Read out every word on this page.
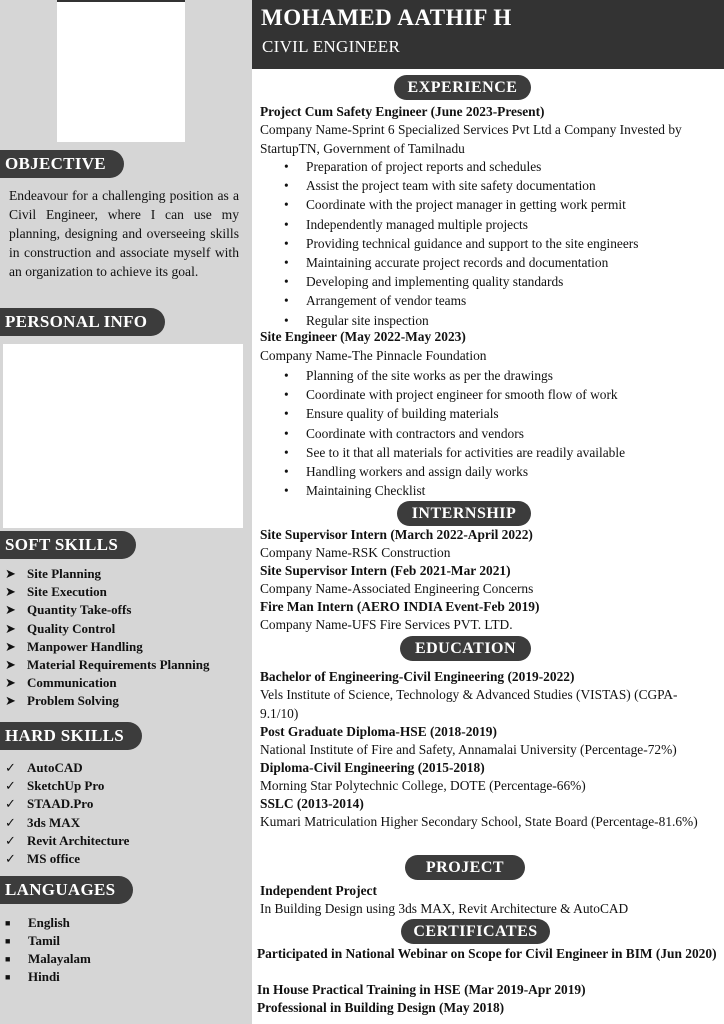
OBJECTIVE
Endeavour for a challenging position as a Civil Engineer, where I can use my planning, designing and overseeing skills in construction and associate myself with an organization to achieve its goal.
PERSONAL INFO
SOFT SKILLS
➤ Site Planning
➤ Site Execution
➤ Quantity Take-offs
➤ Quality Control
➤ Manpower Handling
➤ Material Requirements Planning
➤ Communication
➤ Problem Solving
HARD SKILLS
✓ AutoCAD
✓ SketchUp Pro
✓ STAAD.Pro
✓ 3ds MAX
✓ Revit Architecture
✓ MS office
LANGUAGES
■ English
■ Tamil
■ Malayalam
■ Hindi
MOHAMED AATHIF H
CIVIL ENGINEER
EXPERIENCE
Project Cum Safety Engineer (June 2023-Present)
Company Name-Sprint 6 Specialized Services Pvt Ltd a Company Invested by StartupTN, Government of Tamilnadu
• Preparation of project reports and schedules
• Assist the project team with site safety documentation
• Coordinate with the project manager in getting work permit
• Independently managed multiple projects
• Providing technical guidance and support to the site engineers
• Maintaining accurate project records and documentation
• Developing and implementing quality standards
• Arrangement of vendor teams
• Regular site inspection
Site Engineer (May 2022-May 2023)
Company Name-The Pinnacle Foundation
• Planning of the site works as per the drawings
• Coordinate with project engineer for smooth flow of work
• Ensure quality of building materials
• Coordinate with contractors and vendors
• See to it that all materials for activities are readily available
• Handling workers and assign daily works
• Maintaining Checklist
INTERNSHIP
Site Supervisor Intern (March 2022-April 2022)
Company Name-RSK Construction
Site Supervisor Intern (Feb 2021-Mar 2021)
Company Name-Associated Engineering Concerns
Fire Man Intern (AERO INDIA Event-Feb 2019)
Company Name-UFS Fire Services PVT. LTD.
EDUCATION
Bachelor of Engineering-Civil Engineering (2019-2022)
Vels Institute of Science, Technology & Advanced Studies (VISTAS) (CGPA-9.1/10)
Post Graduate Diploma-HSE (2018-2019)
National Institute of Fire and Safety, Annamalai University (Percentage-72%)
Diploma-Civil Engineering (2015-2018)
Morning Star Polytechnic College, DOTE (Percentage-66%)
SSLC (2013-2014)
Kumari Matriculation Higher Secondary School, State Board (Percentage-81.6%)
PROJECT
Independent Project
In Building Design using 3ds MAX, Revit Architecture & AutoCAD
CERTIFICATES
Participated in National Webinar on Scope for Civil Engineer in BIM (Jun 2020)
In House Practical Training in HSE (Mar 2019-Apr 2019)
Professional in Building Design (May 2018)
